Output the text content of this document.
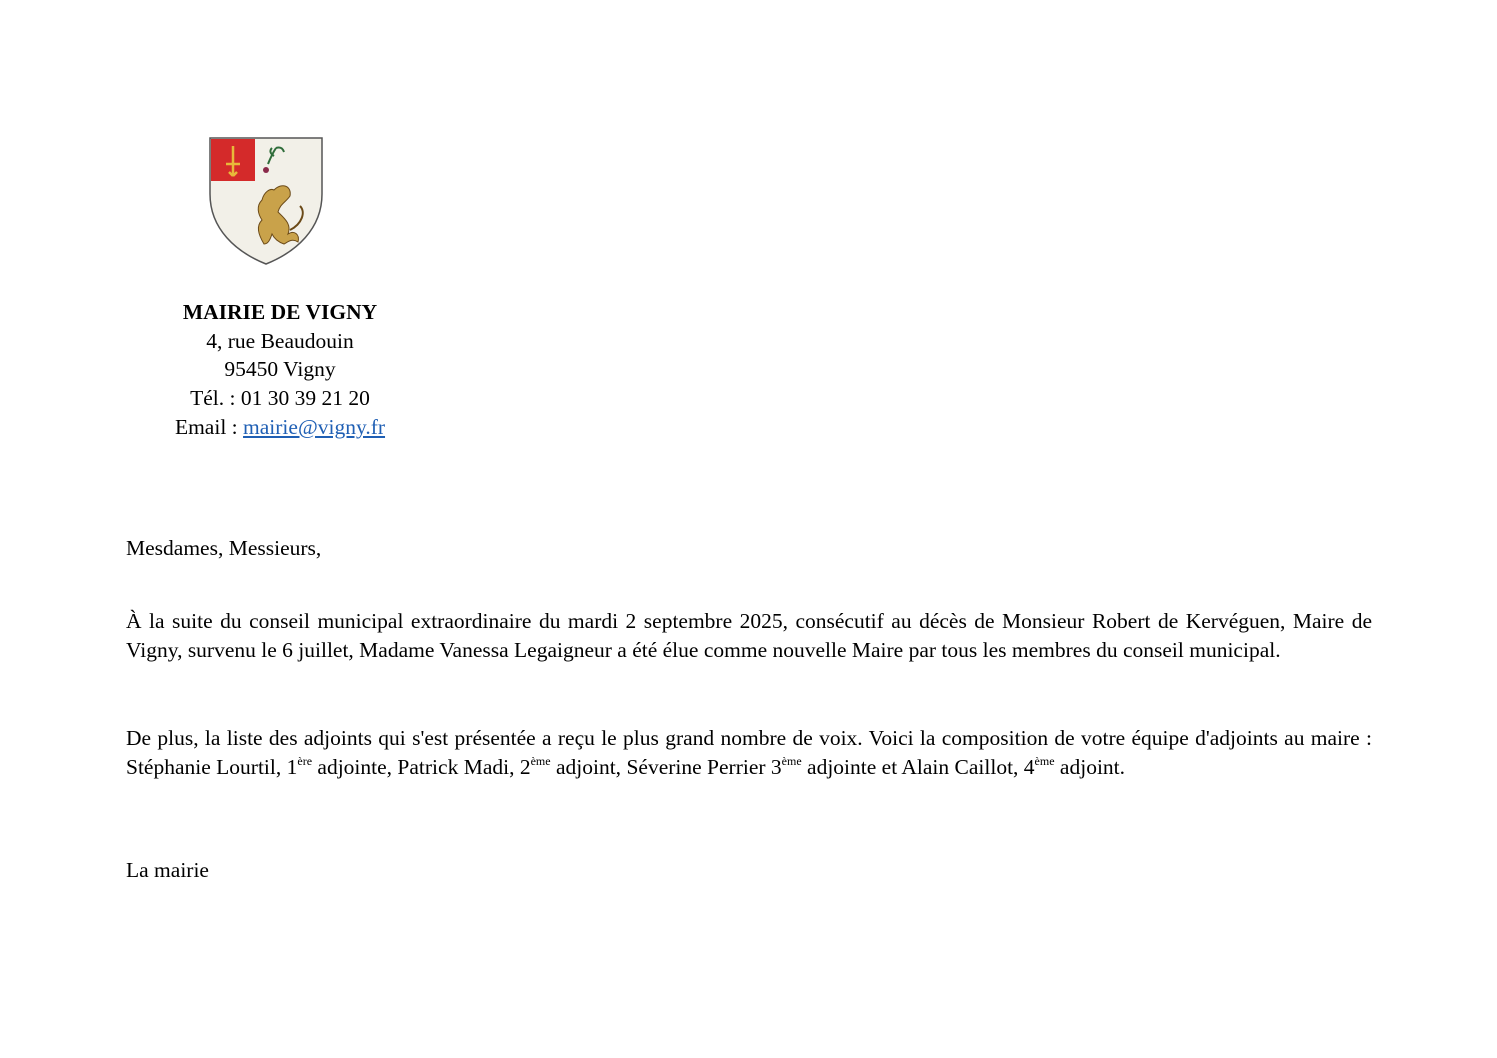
MAIRIE DE VIGNY
4, rue Beaudouin
95450 Vigny
Tél. : 01 30 39 21 20
Email : mairie@vigny.fr
Mesdames, Messieurs,
À la suite du conseil municipal extraordinaire du mardi 2 septembre 2025, consécutif au décès de Monsieur Robert de Kervéguen, Maire de Vigny, survenu le 6 juillet, Madame Vanessa Legaigneur a été élue comme nouvelle Maire par tous les membres du conseil municipal.
De plus, la liste des adjoints qui s'est présentée a reçu le plus grand nombre de voix. Voici la composition de votre équipe d'adjoints au maire : Stéphanie Lourtil, 1ère adjointe, Patrick Madi, 2ème adjoint, Séverine Perrier 3ème adjointe et Alain Caillot, 4ème adjoint.
La mairie
